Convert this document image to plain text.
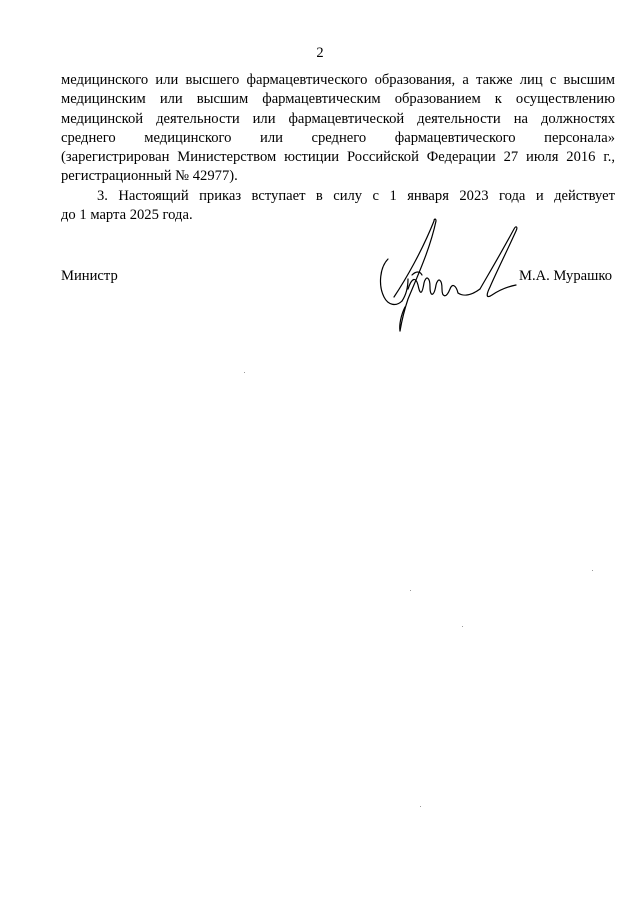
2
медицинского или высшего фармацевтического образования, а также лиц с высшим
медицинским или высшим фармацевтическим образованием к осуществлению
медицинской деятельности или фармацевтической деятельности на должностях
среднего медицинского или среднего фармацевтического персонала»
(зарегистрирован Министерством юстиции Российской Федерации 27 июля 2016 г.,
регистрационный № 42977).
3. Настоящий приказ вступает в силу с 1 января 2023 года и действует
до 1 марта 2025 года.
Министр	М.А. Мурашко
